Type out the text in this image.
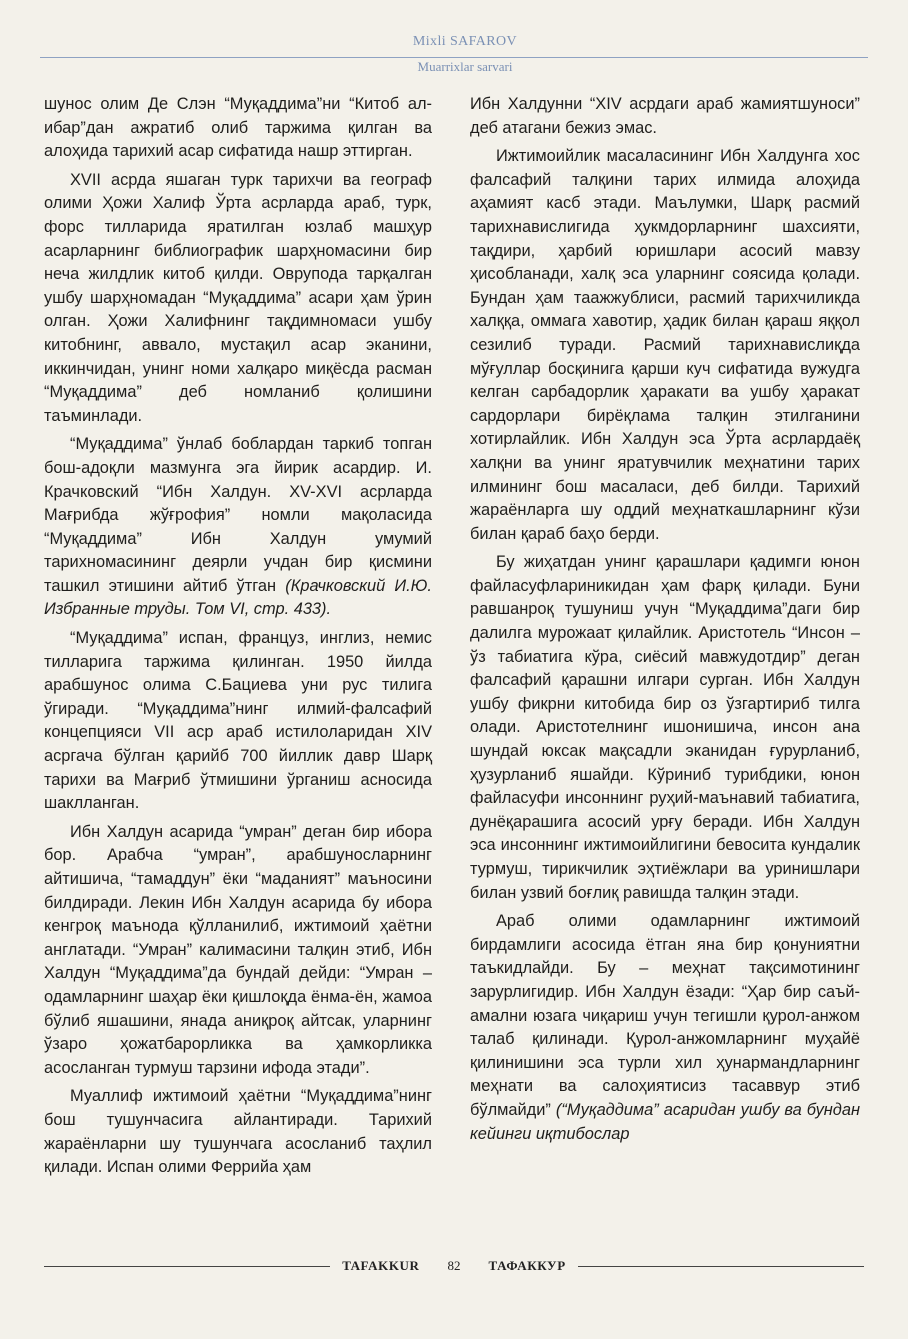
Mixli SAFAROV
Muarrixlar sarvari

шунос олим Де Слэн “Муқаддима”ни “Китоб ал-ибар”дан ажратиб олиб таржима қилган ва алоҳида тарихий асар сифатида нашр эттирган.

XVII асрда яшаган турк тарихчи ва географ олими Ҳожи Халиф Ўрта асрларда араб, турк, форс тилларида яратилган юзлаб машҳур асарларнинг библиографик шарҳномасини бир неча жилдлик китоб қилди. Оврупода тарқалган ушбу шарҳномадан “Муқаддима” асари ҳам ўрин олган. Ҳожи Халифнинг тақдимномаси ушбу китобнинг, аввало, мустақил асар эканини, иккинчидан, унинг номи халқаро миқёсда расман “Муқаддима” деб номланиб қолишини таъминлади.

“Муқаддима” ўнлаб боблардан таркиб топган бош-адоқли мазмунга эга йирик асардир. И. Крачковский “Ибн Халдун. XV-XVI асрларда Мағрибда жўғрофия” номли мақоласида “Муқаддима” Ибн Халдун умумий тарихномасининг деярли учдан бир қисмини ташкил этишини айтиб ўтган (Крачковский И.Ю. Избранные труды. Том VI, стр. 433).

“Муқаддима” испан, француз, инглиз, немис тилларига таржима қилинган. 1950 йилда арабшунос олима С.Бациева уни рус тилига ўгиради. “Муқаддима”нинг илмий-фалсафий концепцияси VII аср араб истилоларидан XIV асргача бўлган қарийб 700 йиллик давр Шарқ тарихи ва Мағриб ўтмишини ўрганиш асносида шаклланган.

Ибн Халдун асарида “умран” деган бир ибора бор. Арабча “умран”, арабшуносларнинг айтишича, “тамаддун” ёки “маданият” маъносини билдиради. Лекин Ибн Халдун асарида бу ибора кенгроқ маънода қўлланилиб, ижтимоий ҳаётни англатади. “Умран” калимасини талқин этиб, Ибн Халдун “Муқаддима”да бундай дейди: “Умран – одамларнинг шаҳар ёки қишлоқда ёнма-ён, жамоа бўлиб яшашини, янада аниқроқ айтсак, уларнинг ўзаро ҳожатбарорликка ва ҳамкорликка асосланган турмуш тарзини ифода этади”.

Муаллиф ижтимоий ҳаётни “Муқаддима”нинг бош тушунчасига айлантиради. Тарихий жараёнларни шу тушунчага асосланиб таҳлил қилади. Испан олими Феррийа ҳам

Ибн Халдунни “XIV асрдаги араб жамиятшуноси” деб атагани бежиз эмас.

Ижтимоийлик масаласининг Ибн Халдунга хос фалсафий талқини тарих илмида алоҳида аҳамият касб этади. Маълумки, Шарқ расмий тарихнавислигида ҳукмдорларнинг шахсияти, тақдири, ҳарбий юришлари асосий мавзу ҳисобланади, халқ эса уларнинг соясида қолади. Бундан ҳам таажжублиси, расмий тарихчиликда халққа, оммага хавотир, ҳадик билан қараш яққол сезилиб туради. Расмий тарихнавислиқда мўғуллар босқинига қарши куч сифатида вужудга келган сарбадорлик ҳаракати ва ушбу ҳаракат сардорлари бирёқлама талқин этилганини хотирлайлик. Ибн Халдун эса Ўрта асрлардаёқ халқни ва унинг яратувчилик меҳнатини тарих илмининг бош масаласи, деб билди. Тарихий жараёнларга шу оддий меҳнаткашларнинг кўзи билан қараб баҳо берди.

Бу жиҳатдан унинг қарашлари қадимги юнон файласуфлариникидан ҳам фарқ қилади. Буни равшанроқ тушуниш учун “Муқаддима”даги бир далилга мурожаат қилайлик. Аристотель “Инсон – ўз табиатига кўра, сиёсий мавжудотдир” деган фалсафий қарашни илгари сурган. Ибн Халдун ушбу фикрни китобида бир оз ўзгартириб тилга олади. Аристотелнинг ишонишича, инсон ана шундай юксак мақсадли эканидан ғурурланиб, ҳузурланиб яшайди. Кўриниб турибдики, юнон файласуфи инсоннинг руҳий-маънавий табиатига, дунёқарашига асосий урғу беради. Ибн Халдун эса инсоннинг ижтимоийлигини бевосита кундалик турмуш, тирикчилик эҳтиёжлари ва уринишлари билан узвий боғлиқ равишда талқин этади.

Араб олими одамларнинг ижтимоий бирдамлиги асосида ётган яна бир қонуниятни таъкидлайди. Бу – меҳнат тақсимотининг зарурлигидир. Ибн Халдун ёзади: “Ҳар бир саъй-амални юзага чиқариш учун тегишли қурол-анжом талаб қилинади. Қурол-анжомларнинг муҳайё қилинишини эса турли хил ҳунармандларнинг меҳнати ва салоҳиятисиз тасаввур этиб бўлмайди” (“Муқаддима” асаридан ушбу ва бундан кейинги иқтибослар

TAFAKKUR	82	ТАФАККУР
